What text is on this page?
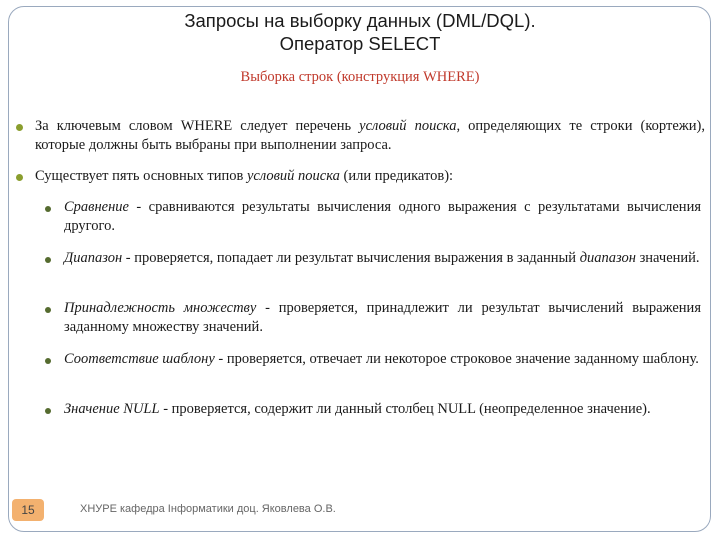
Запросы на выборку данных (DML/DQL).
Оператор SELECT
Выборка строк (конструкция WHERE)
За ключевым словом WHERE следует перечень условий поиска, определяющих те строки (кортежи), которые должны быть выбраны при выполнении запроса.
Существует пять основных типов условий поиска (или предикатов):
Сравнение - сравниваются результаты вычисления одного выражения с результатами вычисления другого.
Диапазон - проверяется, попадает ли результат вычисления выражения в заданный диапазон значений.
Принадлежность множеству - проверяется, принадлежит ли результат вычислений выражения заданному множеству значений.
Соответствие шаблону - проверяется, отвечает ли некоторое строковое значение заданному шаблону.
Значение NULL - проверяется, содержит ли данный столбец NULL (неопределенное значение).
15	ХНУРЕ кафедра Інформатики доц. Яковлева О.В.
